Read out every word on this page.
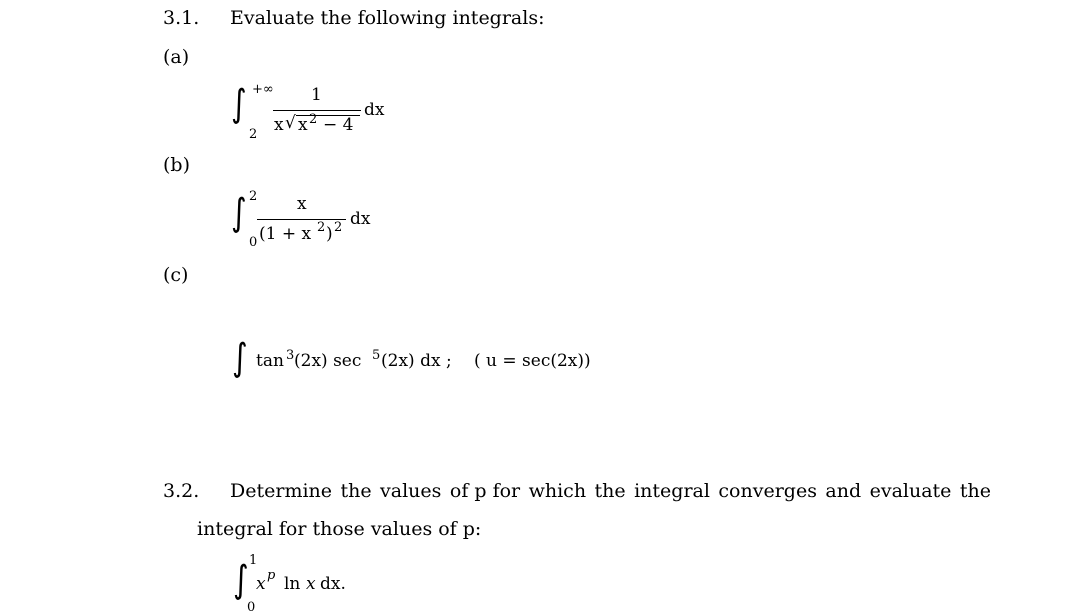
3.1. Evaluate the following integrals:
(a)
∫ +∞
2
1
x √ x 2 − 4
dx
(b)
∫ 2
0
x
(1 + x 2 ) 2 dx
(c)
∫ tan 3 (2x) sec 5 (2x) dx ; ( u = sec(2x))
3.2. Determine the values of p for which the integral converges and evaluate the
integral for those values of p:
∫ 1
0
x p ln x dx.
